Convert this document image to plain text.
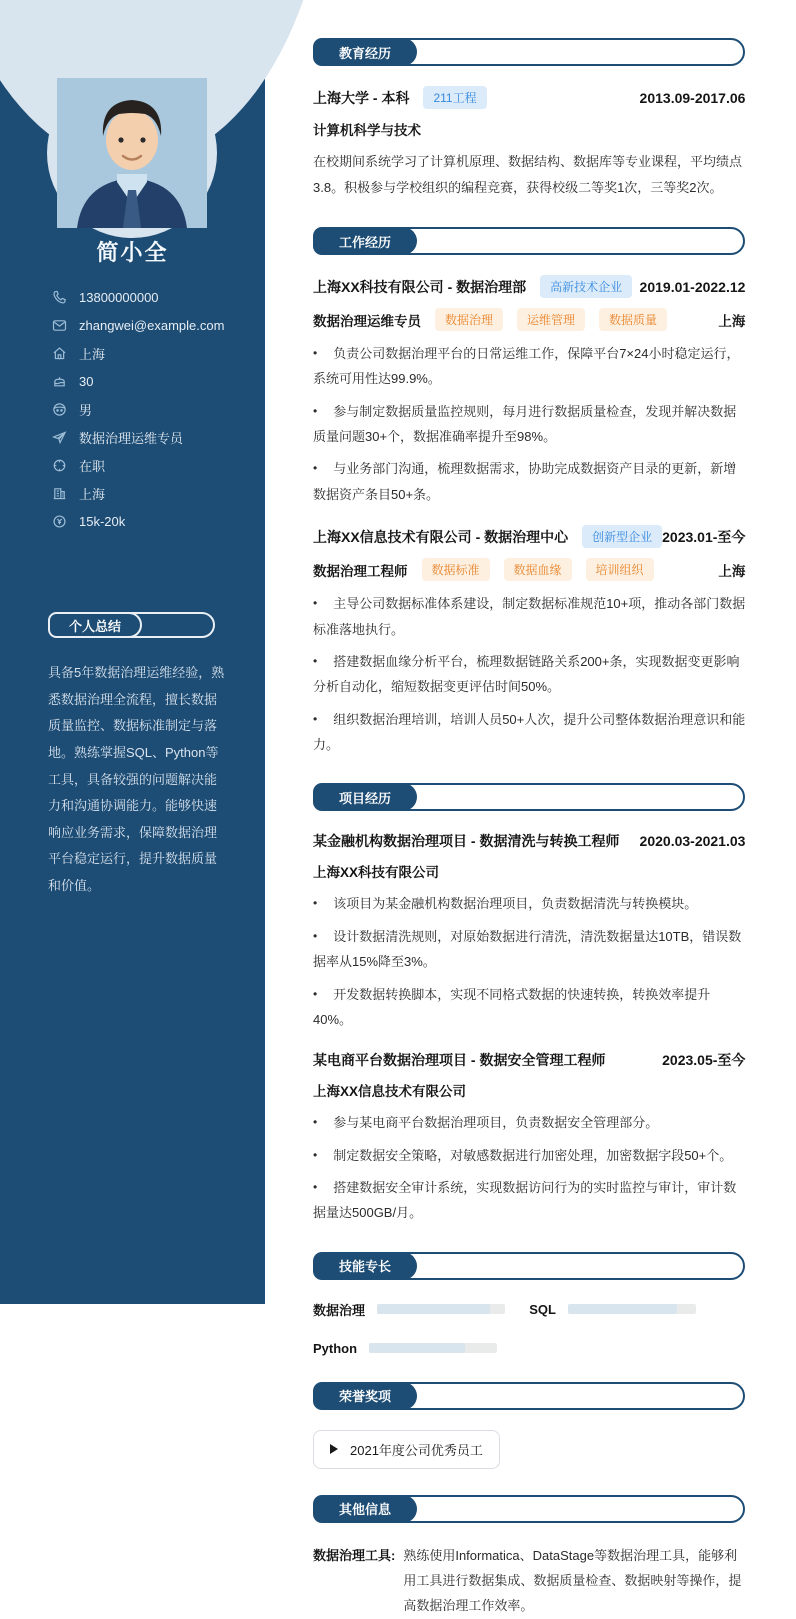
简小全
13800000000
zhangwei@example.com
上海
30
男
数据治理运维专员
在职
上海
15k-20k
个人总结
具备5年数据治理运维经验，熟悉数据治理全流程，擅长数据质量监控、数据标准制定与落地。熟练掌握SQL、Python等工具，具备较强的问题解决能力和沟通协调能力。能够快速响应业务需求，保障数据治理平台稳定运行，提升数据质量和价值。
教育经历
上海大学 - 本科	211工程	2013.09-2017.06
计算机科学与技术

在校期间系统学习了计算机原理、数据结构、数据库等专业课程，平均绩点3.8。积极参与学校组织的编程竞赛，获得校级二等奖1次，三等奖2次。

工作经历
上海XX科技有限公司 - 数据治理部	高新技术企业	2019.01-2022.12
数据治理运维专员	数据治理	运维管理	数据质量	上海

• 负责公司数据治理平台的日常运维工作，保障平台7×24小时稳定运行，系统可用性达99.9%。

• 参与制定数据质量监控规则，每月进行数据质量检查，发现并解决数据质量问题30+个，数据准确率提升至98%。

• 与业务部门沟通，梳理数据需求，协助完成数据资产目录的更新，新增数据资产条目50+条。

上海XX信息技术有限公司 - 数据治理中心	创新型企业 2023.01-至今
数据治理工程师	数据标准	数据血缘	培训组织	上海

• 主导公司数据标准体系建设，制定数据标准规范10+项，推动各部门数据标准落地执行。

• 搭建数据血缘分析平台，梳理数据链路关系200+条，实现数据变更影响分析自动化，缩短数据变更评估时间50%。

• 组织数据治理培训，培训人员50+人次，提升公司整体数据治理意识和能力。

项目经历
某金融机构数据治理项目 - 数据清洗与转换工程师 2020.03-2021.03
上海XX科技有限公司

• 该项目为某金融机构数据治理项目，负责数据清洗与转换模块。

• 设计数据清洗规则，对原始数据进行清洗，清洗数据量达10TB，错误数据率从15%降至3%。

• 开发数据转换脚本，实现不同格式数据的快速转换，转换效率提升40%。

某电商平台数据治理项目 - 数据安全管理工程师	2023.05-至今
上海XX信息技术有限公司

• 参与某电商平台数据治理项目，负责数据安全管理部分。

• 制定数据安全策略，对敏感数据进行加密处理，加密数据字段50+个。

• 搭建数据安全审计系统，实现数据访问行为的实时监控与审计，审计数据量达500GB/月。

技能专长
数据治理	SQL
Python
荣誉奖项
2021年度公司优秀员工
其他信息
数据治理工具: 熟练使用Informatica、DataStage等数据治理工具，能够利用工具进行数据集成、数据质量检查、数据映射等操作，提高数据治理工作效率。
